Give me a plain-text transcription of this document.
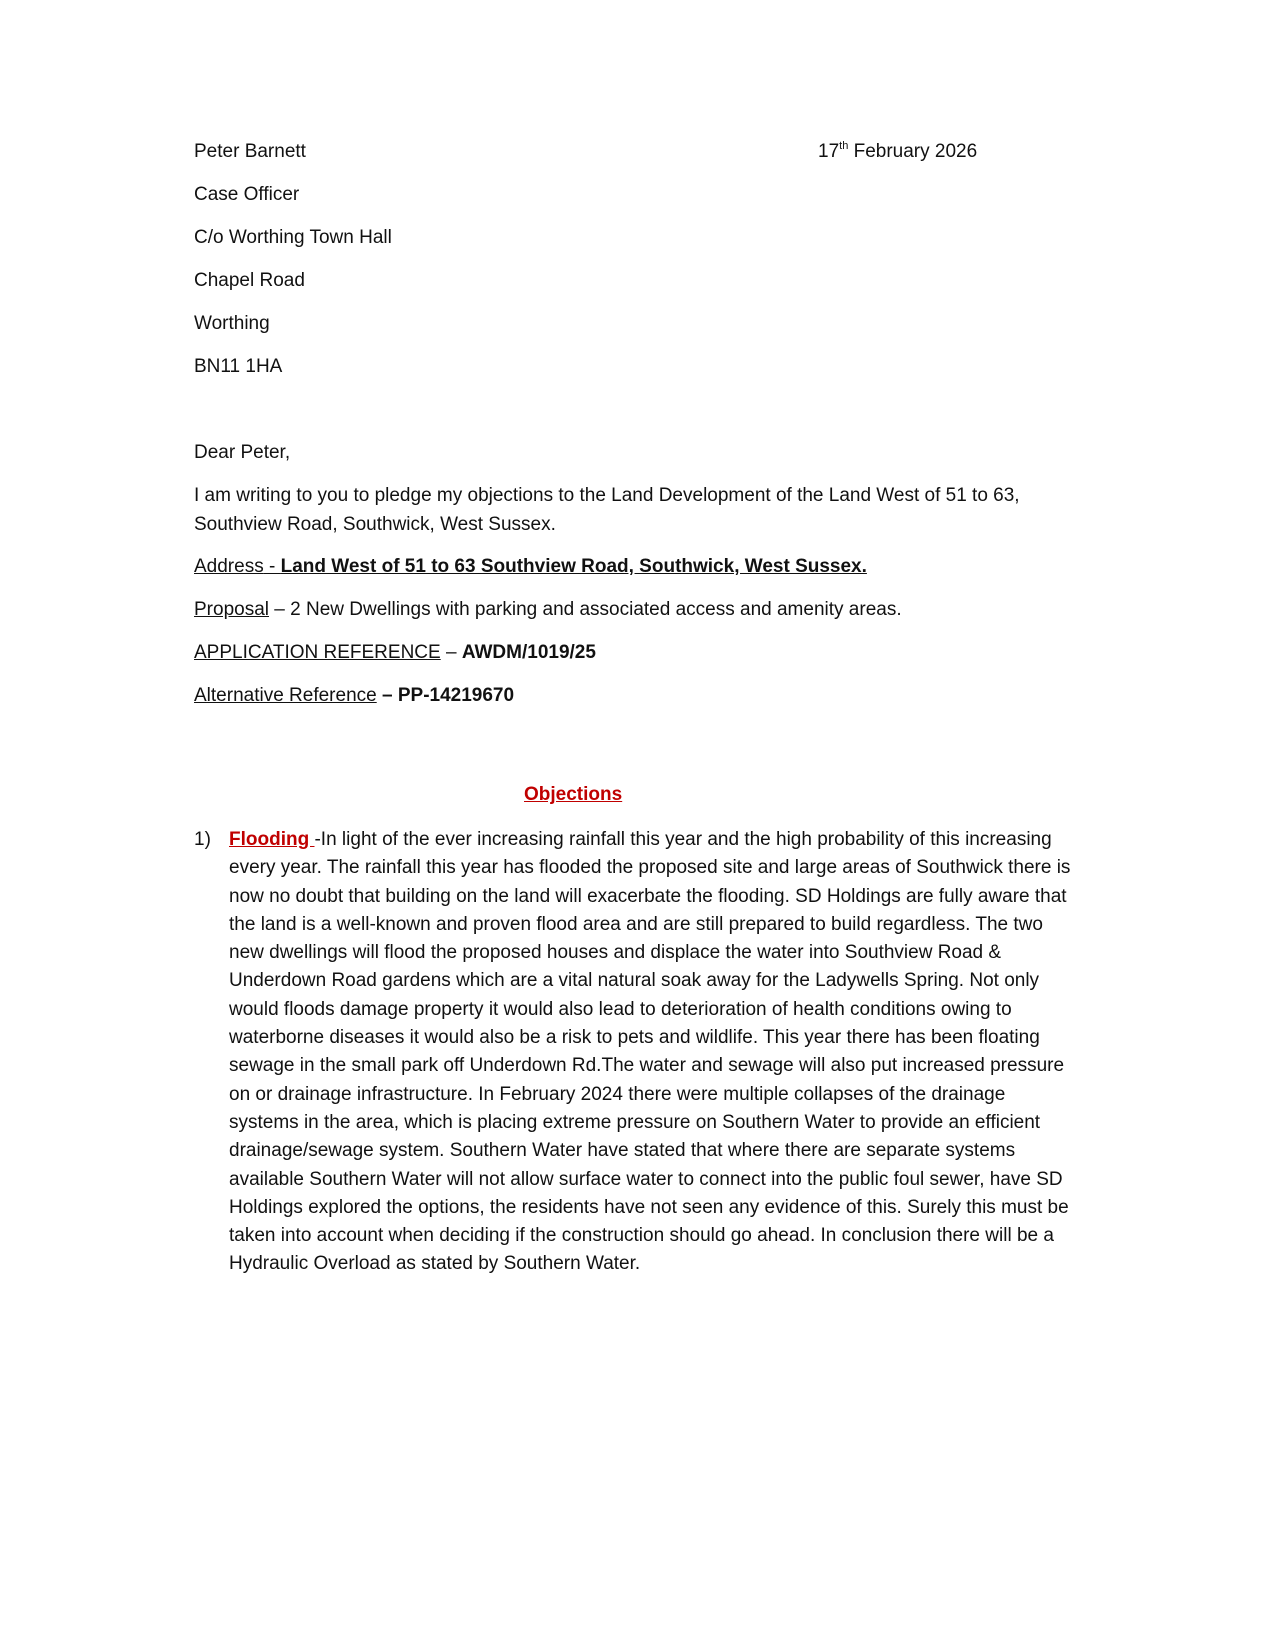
Peter Barnett	17th February 2026
Case Officer
C/o Worthing Town Hall
Chapel Road
Worthing
BN11 1HA
Dear Peter,
I am writing to you to pledge my objections to the Land Development of the Land West of 51 to 63, Southview Road, Southwick, West Sussex.
Address - Land West of 51 to 63 Southview Road, Southwick, West Sussex.
Proposal – 2 New Dwellings with parking and associated access and amenity areas.
APPLICATION REFERENCE – AWDM/1019/25
Alternative Reference – PP-14219670
Objections
1) Flooding -In light of the ever increasing rainfall this year and the high probability of this increasing every year. The rainfall this year has flooded the proposed site and large areas of Southwick there is now no doubt that building on the land will exacerbate the flooding. SD Holdings are fully aware that the land is a well-known and proven flood area and are still prepared to build regardless. The two new dwellings will flood the proposed houses and displace the water into Southview Road & Underdown Road gardens which are a vital natural soak away for the Ladywells Spring. Not only would floods damage property it would also lead to deterioration of health conditions owing to waterborne diseases it would also be a risk to pets and wildlife. This year there has been floating sewage in the small park off Underdown Rd.The water and sewage will also put increased pressure on or drainage infrastructure. In February 2024 there were multiple collapses of the drainage systems in the area, which is placing extreme pressure on Southern Water to provide an efficient drainage/sewage system. Southern Water have stated that where there are separate systems available Southern Water will not allow surface water to connect into the public foul sewer, have SD Holdings explored the options, the residents have not seen any evidence of this. Surely this must be taken into account when deciding if the construction should go ahead. In conclusion there will be a Hydraulic Overload as stated by Southern Water.
